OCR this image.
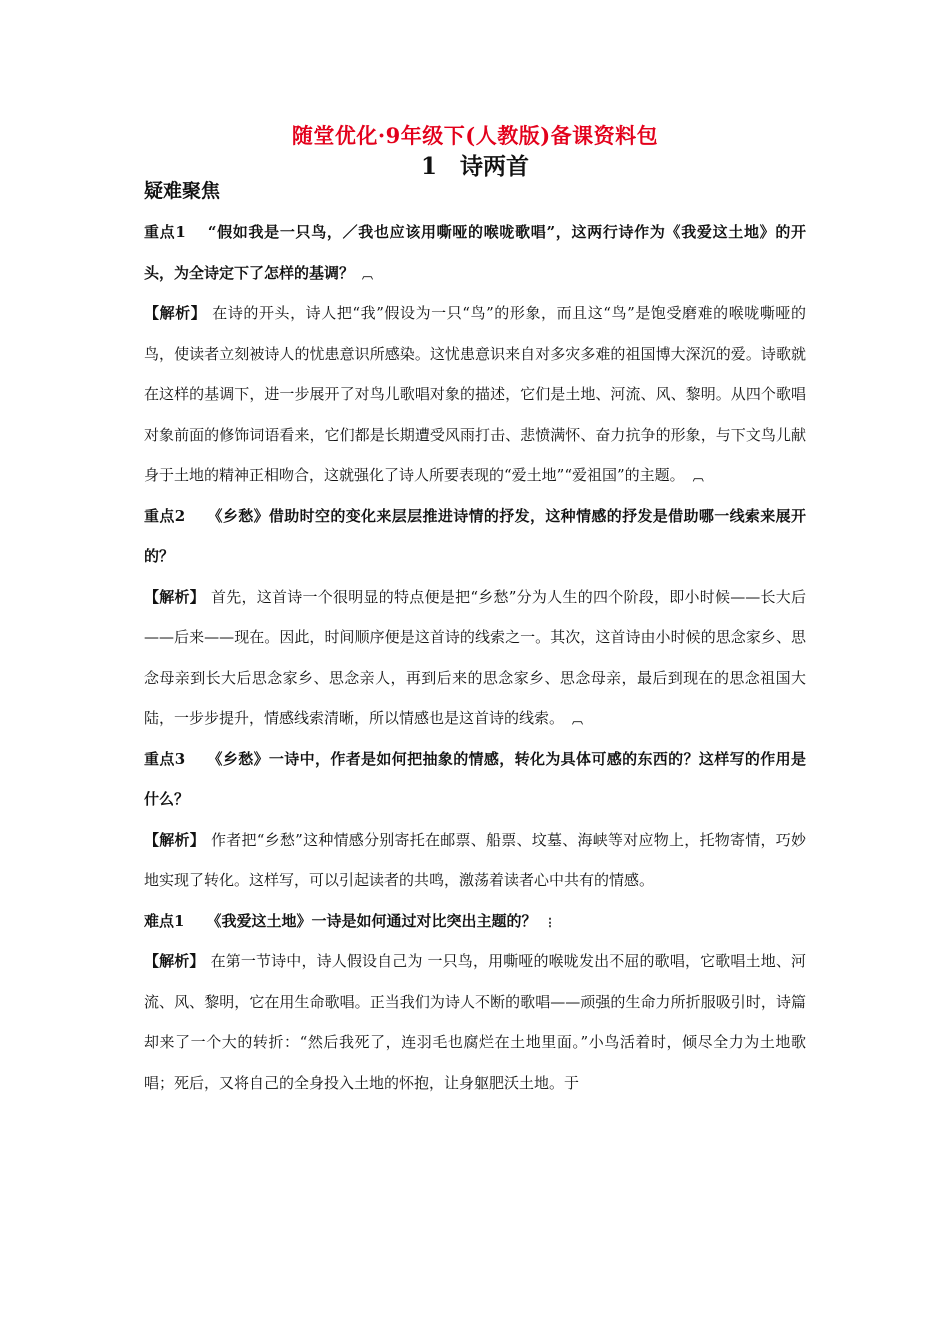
随堂优化·9年级下(人教版)备课资料包
1　诗两首
疑难聚焦

重点1 “假如我是一只鸟，／我也应该用嘶哑的喉咙歌唱”，这两行诗作为《我爱这土地》的开头，为全诗定下了怎样的基调？ ︹

【解析】 在诗的开头，诗人把“我”假设为一只“鸟”的形象，而且这“鸟”是饱受磨难的喉咙嘶哑的鸟，使读者立刻被诗人的忧患意识所感染。这忧患意识来自对多灾多难的祖国博大深沉的爱。诗歌就在这样的基调下，进一步展开了对鸟儿歌唱对象的描述，它们是土地、河流、风、黎明。从四个歌唱对象前面的修饰词语看来，它们都是长期遭受风雨打击、悲愤满怀、奋力抗争的形象，与下文鸟儿献身于土地的精神正相吻合，这就强化了诗人所要表现的“爱土地”“爱祖国”的主题。 ︹

重点2 《乡愁》借助时空的变化来层层推进诗情的抒发，这种情感的抒发是借助哪一线索来展开的？

【解析】 首先，这首诗一个很明显的特点便是把“乡愁”分为人生的四个阶段，即小时候——长大后——后来——现在。因此，时间顺序便是这首诗的线索之一。其次，这首诗由小时候的思念家乡、思念母亲到长大后思念家乡、思念亲人，再到后来的思念家乡、思念母亲，最后到现在的思念祖国大陆，一步步提升，情感线索清晰，所以情感也是这首诗的线索。 ︹

重点3 《乡愁》一诗中，作者是如何把抽象的情感，转化为具体可感的东西的？这样写的作用是什么？

【解析】 作者把“乡愁”这种情感分别寄托在邮票、船票、坟墓、海峡等对应物上，托物寄情，巧妙地实现了转化。这样写，可以引起读者的共鸣，激荡着读者心中共有的情感。

难点1 《我爱这土地》一诗是如何通过对比突出主题的？ ⋮

【解析】 在第一节诗中，诗人假设自己为 一只鸟，用嘶哑的喉咙发出不屈的歌唱，它歌唱土地、河流、风、黎明，它在用生命歌唱。正当我们为诗人不断的歌唱——顽强的生命力所折服吸引时，诗篇却来了一个大的转折：“然后我死了，连羽毛也腐烂在土地里面。”小鸟活着时，倾尽全力为土地歌唱；死后，又将自己的全身投入土地的怀抱，让身躯肥沃土地。于
